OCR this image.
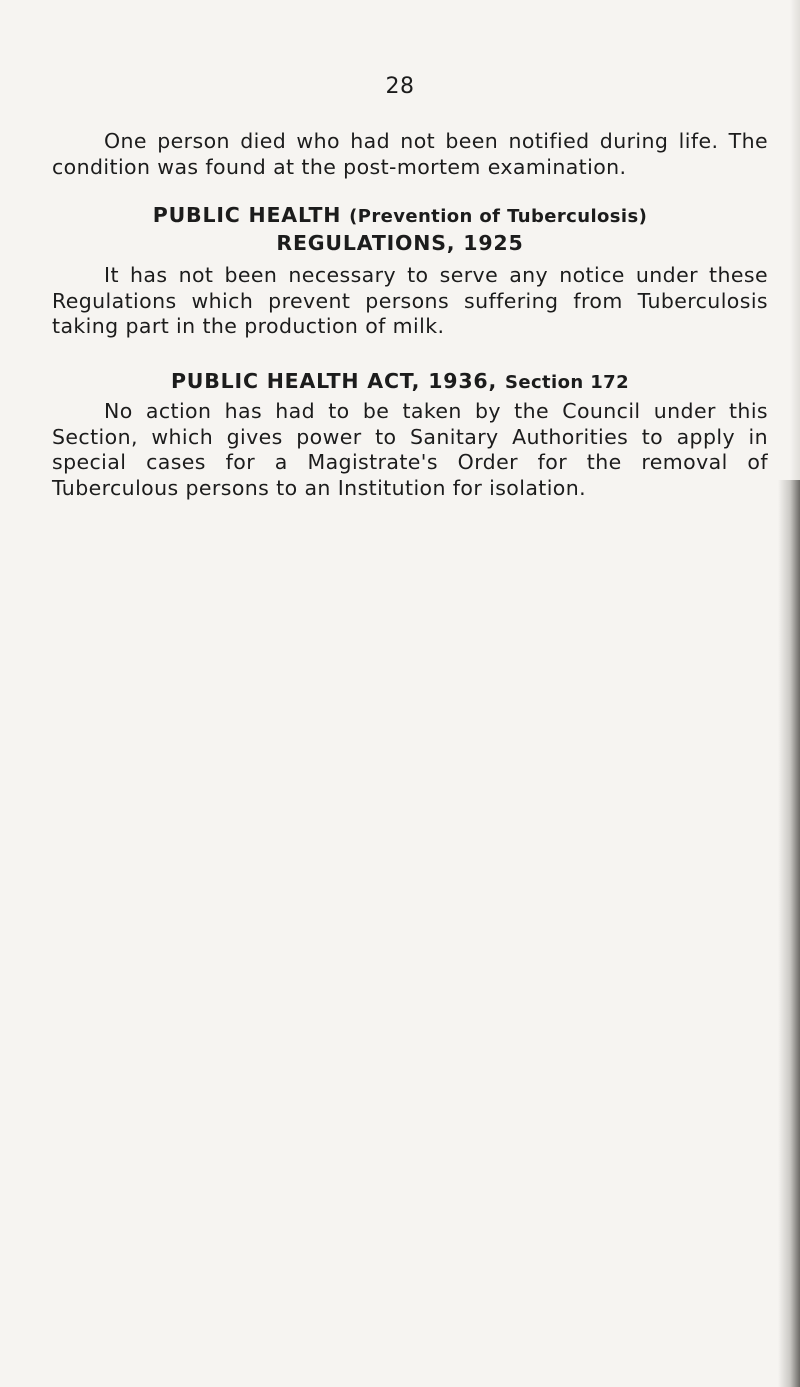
28

One person died who had not been notified during life. The condition was found at the post-mortem examination.

PUBLIC HEALTH (Prevention of Tuberculosis)
REGULATIONS, 1925

It has not been necessary to serve any notice under these Regulations which prevent persons suffering from Tuberculosis taking part in the production of milk.

PUBLIC HEALTH ACT, 1936, Section 172

No action has had to be taken by the Council under this Section, which gives power to Sanitary Authorities to apply in special cases for a Magistrate's Order for the removal of Tuberculous persons to an Institution for isolation.
